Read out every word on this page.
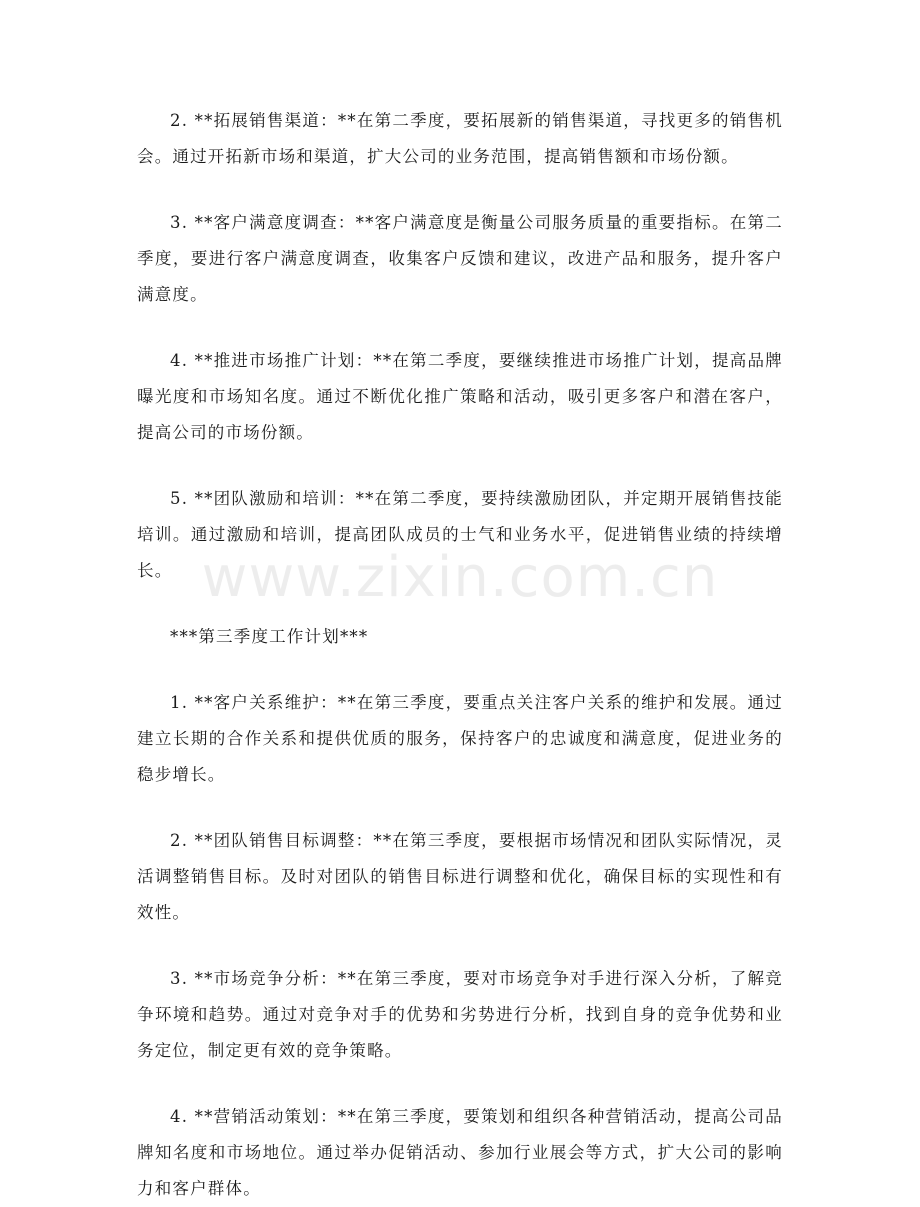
2. **拓展销售渠道：**在第二季度，要拓展新的销售渠道，寻找更多的销售机会。通过开拓新市场和渠道，扩大公司的业务范围，提高销售额和市场份额。

3. **客户满意度调查：**客户满意度是衡量公司服务质量的重要指标。在第二季度，要进行客户满意度调查，收集客户反馈和建议，改进产品和服务，提升客户满意度。

4. **推进市场推广计划：**在第二季度，要继续推进市场推广计划，提高品牌曝光度和市场知名度。通过不断优化推广策略和活动，吸引更多客户和潜在客户，提高公司的市场份额。

5. **团队激励和培训：**在第二季度，要持续激励团队，并定期开展销售技能培训。通过激励和培训，提高团队成员的士气和业务水平，促进销售业绩的持续增长。

***第三季度工作计划***

1. **客户关系维护：**在第三季度，要重点关注客户关系的维护和发展。通过建立长期的合作关系和提供优质的服务，保持客户的忠诚度和满意度，促进业务的稳步增长。

2. **团队销售目标调整：**在第三季度，要根据市场情况和团队实际情况，灵活调整销售目标。及时对团队的销售目标进行调整和优化，确保目标的实现性和有效性。

3. **市场竞争分析：**在第三季度，要对市场竞争对手进行深入分析，了解竞争环境和趋势。通过对竞争对手的优势和劣势进行分析，找到自身的竞争优势和业务定位，制定更有效的竞争策略。

4. **营销活动策划：**在第三季度，要策划和组织各种营销活动，提高公司品牌知名度和市场地位。通过举办促销活动、参加行业展会等方式，扩大公司的影响力和客户群体。

www.zixin.com.cn
